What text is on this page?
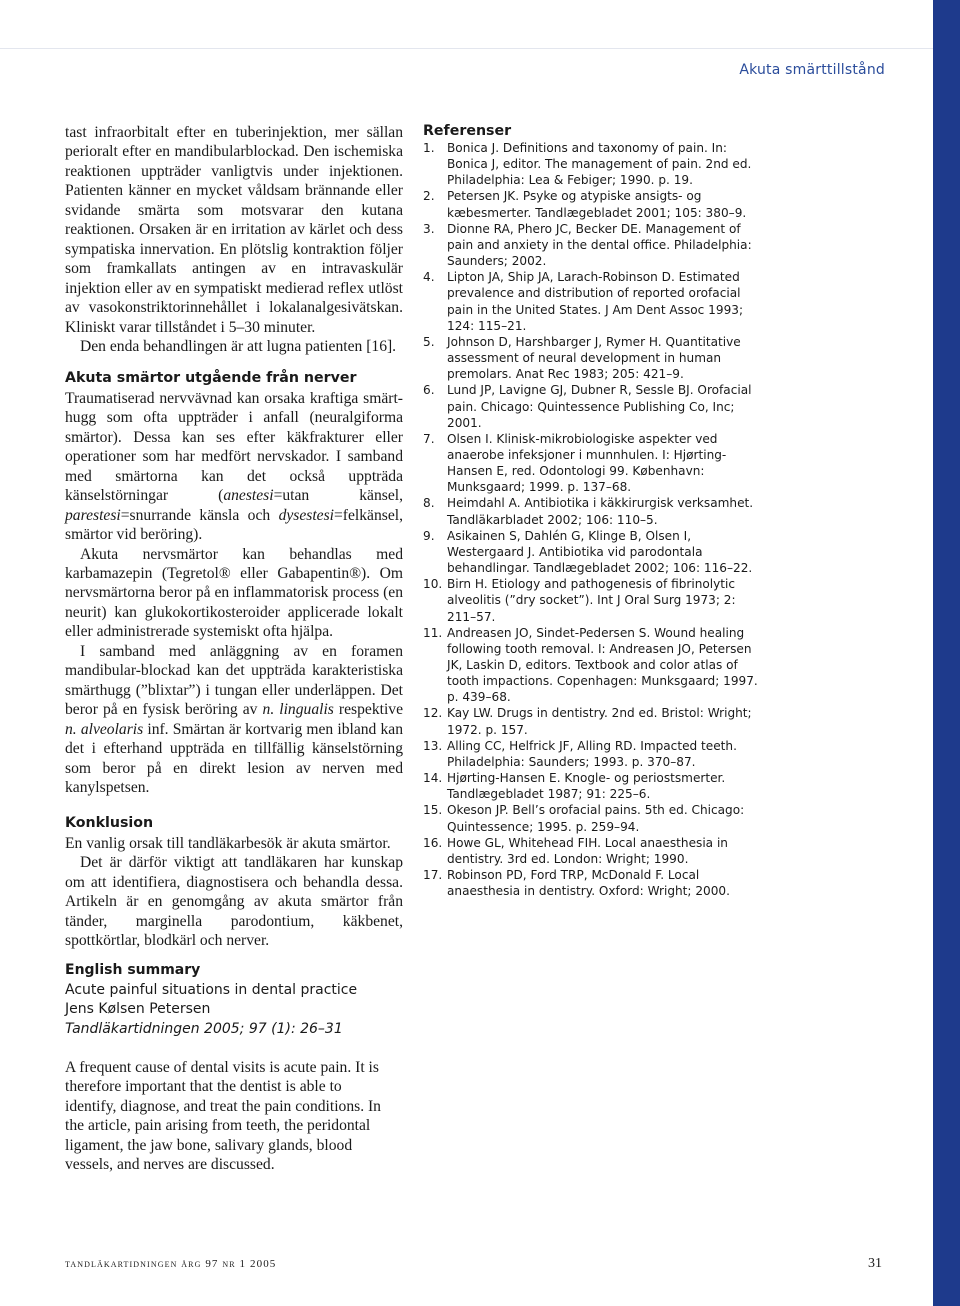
Akuta smärttillstånd

tast infraorbitalt efter en tuberinjektion, mer sällan perioralt efter en mandibularblockad. Den ischemiska reaktionen uppträder vanligtvis under injektionen. Patienten känner en mycket våldsam brännande eller svidande smärta som motsvarar den kutana reaktionen. Orsaken är en irritation av kärlet och dess sympatiska innervation. En plötslig kontraktion följer som framkallats antingen av en intravaskulär injektion eller av en sympatiskt medierad reflex utlöst av vasokonstriktorinnehållet i lokalanalgesivätskan. Kliniskt varar tillståndet i 5–30 minuter.

Den enda behandlingen är att lugna patienten [16].

Akuta smärtor utgående från nerver

Traumatiserad nervvävnad kan orsaka kraftiga smärt- hugg som ofta uppträder i anfall (neuralgiforma smärtor). Dessa kan ses efter käkfrakturer eller operationer som har medfört nervskador. I samband med smärtorna kan det också uppträda känselstörningar (anestesi=utan känsel, parestesi=snurrande känsla och dysestesi=felkänsel, smärtor vid beröring).

Akuta nervsmärtor kan behandlas med karbamazepin (Tegretol® eller Gabapentin®). Om nervsmärtorna beror på en inflammatorisk process (en neurit) kan glukokortikosteroider applicerade lokalt eller administrerade systemiskt ofta hjälpa.

I samband med anläggning av en foramen mandibular-blockad kan det uppträda karakteristiska smärthugg (”blixtar”) i tungan eller underläppen. Det beror på en fysisk beröring av n. lingualis respektive n. alveolaris inf. Smärtan är kortvarig men ibland kan det i efterhand uppträda en tillfällig känselstörning som beror på en direkt lesion av nerven med kanylspetsen.

Konklusion

En vanlig orsak till tandläkarbesök är akuta smärtor.

Det är därför viktigt att tandläkaren har kunskap om att identifiera, diagnostisera och behandla dessa. Artikeln är en genomgång av akuta smärtor från tänder, marginella parodontium, käkbenet, spottkörtlar, blodkärl och nerver.

Referenser
1.	Bonica J. Definitions and taxonomy of pain. In: Bonica J, editor. The management of pain. 2nd ed. Philadelphia: Lea & Febiger; 1990. p. 19.
2.	Petersen JK. Psyke og atypiske ansigts- og kæbesmerter. Tandlægebladet 2001; 105: 380–9.
3.	Dionne RA, Phero JC, Becker DE. Management of pain and anxiety in the dental office. Philadelphia: Saunders; 2002.
4.	Lipton JA, Ship JA, Larach-Robinson D. Estimated prevalence and distribution of reported orofacial pain in the United States. J Am Dent Assoc 1993; 124: 115–21.
5.	Johnson D, Harshbarger J, Rymer H. Quantitative assessment of neural development in human premolars. Anat Rec 1983; 205: 421–9.
6.	Lund JP, Lavigne GJ, Dubner R, Sessle BJ. Orofacial pain. Chicago: Quintessence Publishing Co, Inc; 2001.
7.	Olsen I. Klinisk-mikrobiologiske aspekter ved anaerobe infeksjoner i munnhulen. I: Hjørting-Hansen E, red. Odontologi 99. København: Munksgaard; 1999. p. 137–68.
8.	Heimdahl A. Antibiotika i käkkirurgisk verksamhet. Tandläkarbladet 2002; 106: 110–5.
9.	Asikainen S, Dahlén G, Klinge B, Olsen I, Westergaard J. Antibiotika vid parodontala behandlingar. Tandlægebladet 2002; 106: 116–22.
10. Birn H. Etiology and pathogenesis of fibrinolytic alveolitis (”dry socket”). Int J Oral Surg 1973; 2: 211–57.
11. Andreasen JO, Sindet-Pedersen S. Wound healing following tooth removal. I: Andreasen JO, Petersen JK, Laskin D, editors. Textbook and color atlas of tooth impactions. Copenhagen: Munksgaard; 1997. p. 439–68.
12. Kay LW. Drugs in dentistry. 2nd ed. Bristol: Wright; 1972. p. 157.
13. Alling CC, Helfrick JF, Alling RD. Impacted teeth. Philadelphia: Saunders; 1993. p. 370–87.
14. Hjørting-Hansen E. Knogle- og periostsmerter. Tandlægebladet 1987; 91: 225–6.
15. Okeson JP. Bell’s orofacial pains. 5th ed. Chicago: Quintessence; 1995. p. 259–94.
16. Howe GL, Whitehead FIH. Local anaesthesia in dentistry. 3rd ed. London: Wright; 1990.
17. Robinson PD, Ford TRP, McDonald F. Local anaesthesia in dentistry. Oxford: Wright; 2000.
English summary
Acute painful situations in dental practice
Jens Kølsen Petersen
Tandläkartidningen 2005; 97 (1): 26–31

A frequent cause of dental visits is acute pain. It is therefore important that the dentist is able to identify, diagnose, and treat the pain conditions. In the article, pain arising from teeth, the peridontal ligament, the jaw bone, salivary glands, blood vessels, and nerves are discussed.

tandläkartidningen årg 97 nr 1 2005	31
